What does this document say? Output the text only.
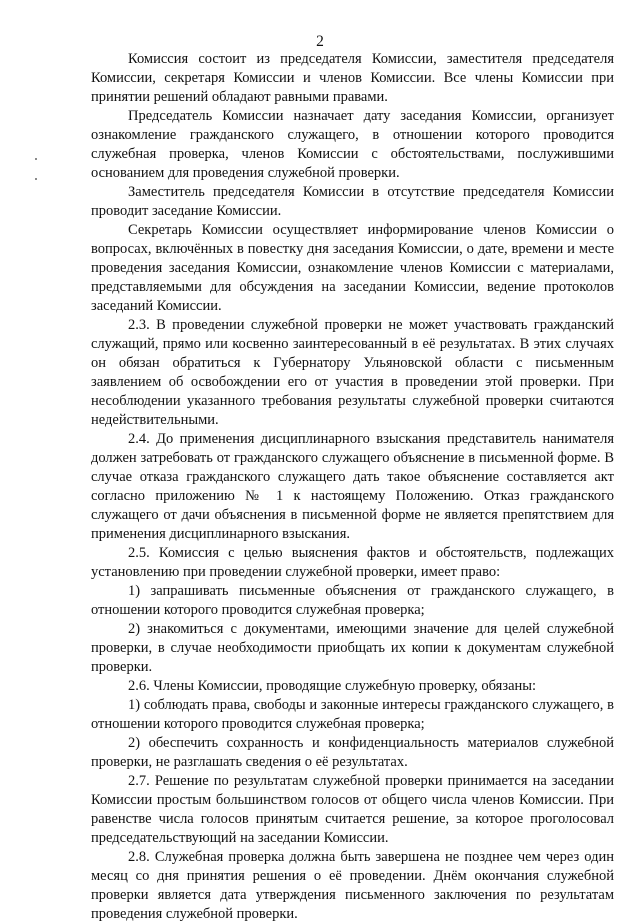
2

Комиссия состоит из председателя Комиссии, заместителя председателя Комиссии, секретаря Комиссии и членов Комиссии. Все члены Комиссии при принятии решений обладают равными правами.

Председатель Комиссии назначает дату заседания Комиссии, организует ознакомление гражданского служащего, в отношении которого проводится служебная проверка, членов Комиссии с обстоятельствами, послужившими основанием для проведения служебной проверки.

Заместитель председателя Комиссии в отсутствие председателя Комиссии проводит заседание Комиссии.

Секретарь Комиссии осуществляет информирование членов Комиссии о вопросах, включённых в повестку дня заседания Комиссии, о дате, времени и месте проведения заседания Комиссии, ознакомление членов Комиссии с материалами, представляемыми для обсуждения на заседании Комиссии, ведение протоколов заседаний Комиссии.

2.3. В проведении служебной проверки не может участвовать гражданский служащий, прямо или косвенно заинтересованный в её результатах. В этих случаях он обязан обратиться к Губернатору Ульяновской области с письменным заявлением об освобождении его от участия в проведении этой проверки. При несоблюдении указанного требования результаты служебной проверки считаются недействительными.

2.4. До применения дисциплинарного взыскания представитель нанимателя должен затребовать от гражданского служащего объяснение в письменной форме. В случае отказа гражданского служащего дать такое объяснение составляется акт согласно приложению № 1 к настоящему Положению. Отказ гражданского служащего от дачи объяснения в письменной форме не является препятствием для применения дисциплинарного взыскания.

2.5. Комиссия с целью выяснения фактов и обстоятельств, подлежащих установлению при проведении служебной проверки, имеет право:

1) запрашивать письменные объяснения от гражданского служащего, в отношении которого проводится служебная проверка;

2) знакомиться с документами, имеющими значение для целей служебной проверки, в случае необходимости приобщать их копии к документам служебной проверки.

2.6. Члены Комиссии, проводящие служебную проверку, обязаны:

1) соблюдать права, свободы и законные интересы гражданского служащего, в отношении которого проводится служебная проверка;

2) обеспечить сохранность и конфиденциальность материалов служебной проверки, не разглашать сведения о её результатах.

2.7. Решение по результатам служебной проверки принимается на заседании Комиссии простым большинством голосов от общего числа членов Комиссии. При равенстве числа голосов принятым считается решение, за которое проголосовал председательствующий на заседании Комиссии.

2.8. Служебная проверка должна быть завершена не позднее чем через один месяц со дня принятия решения о её проведении. Днём окончания служебной проверки является дата утверждения письменного заключения по результатам проведения служебной проверки.
